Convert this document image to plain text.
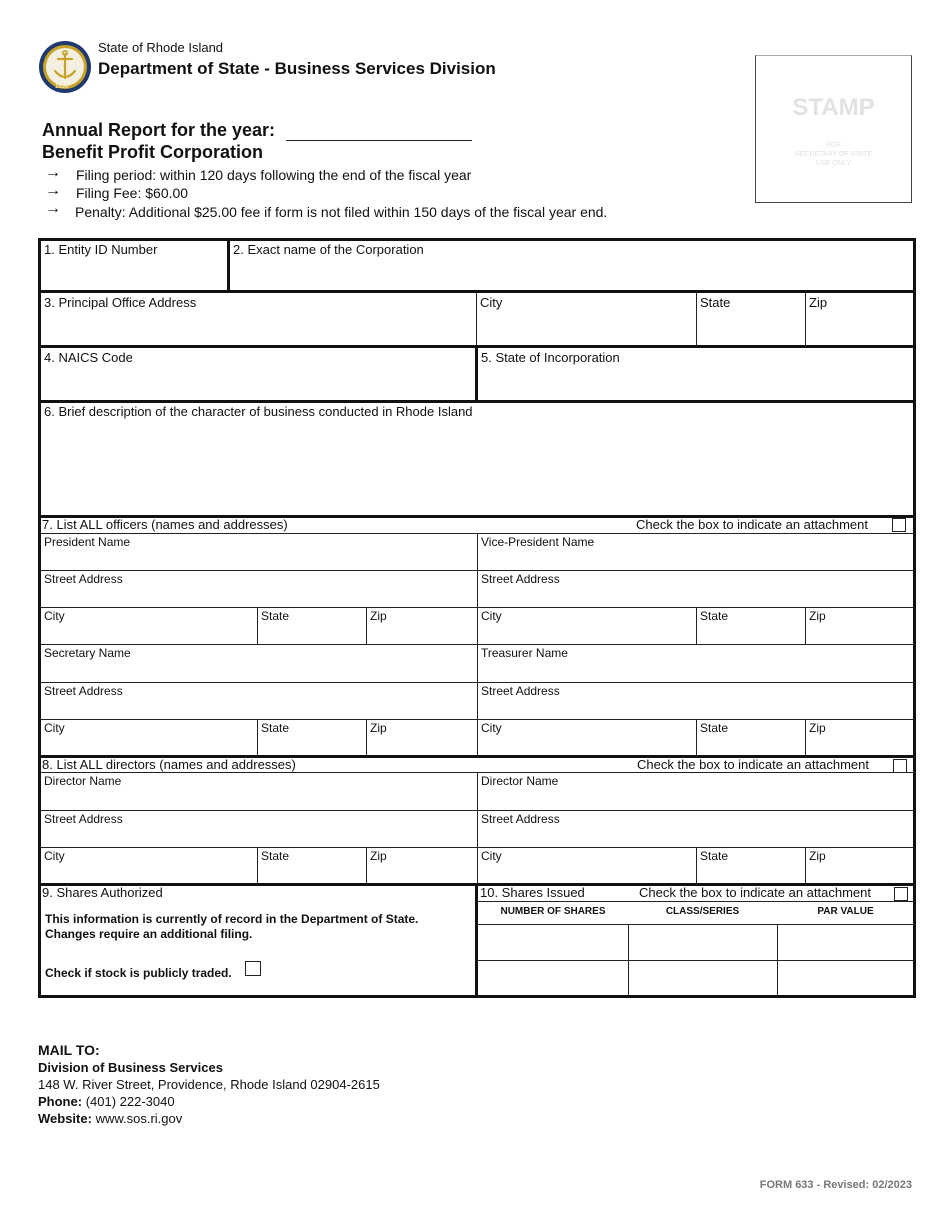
1636
State of Rhode Island
Department of State - Business Services Division
STAMP
FOR
SECRETARY OF STATE
USE ONLY
Annual Report for the year:
Benefit Profit Corporation
→ Filing period: within 120 days following the end of the fiscal year
→ Filing Fee: $60.00
→ Penalty: Additional $25.00 fee if form is not filed within 150 days of the fiscal year end.
1. Entity ID Number	2. Exact name of the Corporation
3. Principal Office Address	City	State	Zip
4. NAICS Code	5. State of Incorporation
6. Brief description of the character of business conducted in Rhode Island
7. List ALL officers (names and addresses)	Check the box to indicate an attachment
President Name	Vice-President Name
Street Address	Street Address
City	State	Zip	City	State	Zip
Secretary Name	Treasurer Name
Street Address	Street Address
City	State	Zip	City	State	Zip
8. List ALL directors (names and addresses)	Check the box to indicate an attachment
Director Name	Director Name
Street Address	Street Address
City	State	Zip	City	State	Zip
9. Shares Authorized
This information is currently of record in the Department of State.
Changes require an additional filing.
Check if stock is publicly traded.
10. Shares Issued	Check the box to indicate an attachment
NUMBER OF SHARES	CLASS/SERIES	PAR VALUE
MAIL TO:
Division of Business Services
148 W. River Street, Providence, Rhode Island 02904-2615
Phone: (401) 222-3040
Website: www.sos.ri.gov
FORM 633 - Revised: 02/2023
